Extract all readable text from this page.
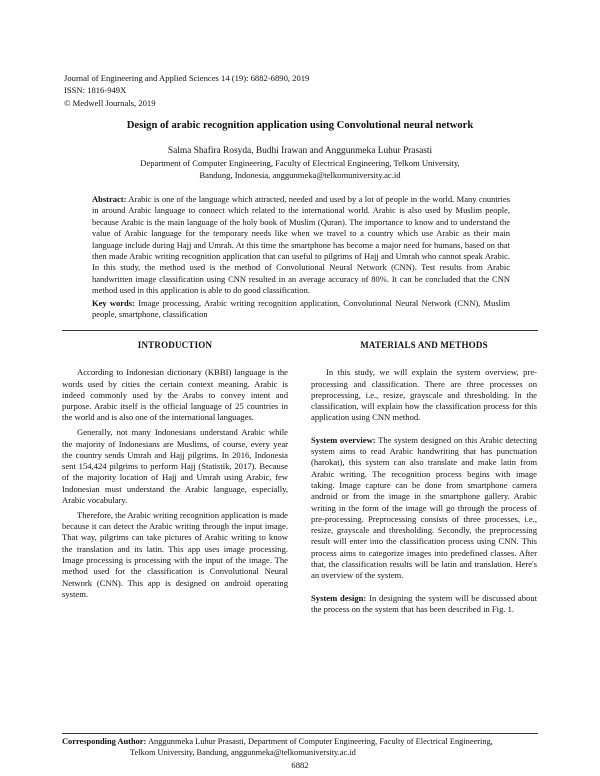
Journal of Engineering and Applied Sciences 14 (19): 6882-6890, 2019
ISSN: 1816-949X
© Medwell Journals, 2019
Design of arabic recognition application using Convolutional neural network
Salma Shafira Rosyda, Budhi Irawan and Anggunmeka Luhur Prasasti
Department of Computer Engineering, Faculty of Electrical Engineering, Telkom University,
Bandung, Indonesia, anggunmeka@telkomuniversity.ac.id
Abstract: Arabic is one of the language which attracted, needed and used by a lot of people in the world. Many countries in around Arabic language to connect which related to the international world. Arabic is also used by Muslim people, because Arabic is the main language of the holy book of Muslim (Quran). The importance to know and to understand the value of Arabic language for the temporary needs like when we travel to a country which use Arabic as their main language include during Hajj and Umrah. At this time the smartphone has become a major need for humans, based on that then made Arabic writing recognition application that can useful to pilgrims of Hajj and Umrah who cannot speak Arabic. In this study, the method used is the method of Convolutional Neural Network (CNN). Test results from Arabic handwritten image classification using CNN resulted in an average accuracy of 80%. It can be concluded that the CNN method used in this application is able to do good classification.
Key words: Image processing, Arabic writing recognition application, Convolutional Neural Network (CNN), Muslim people, smartphone, classification
INTRODUCTION

According to Indonesian dictionary (KBBI) language is the words used by cities the certain context meaning. Arabic is indeed commonly used by the Arabs to convey intent and purpose. Arabic itself is the official language of 25 countries in the world and is also one of the international languages.

Generally, not many Indonesians understand Arabic while the majority of Indonesians are Muslims, of course, every year the country sends Umrah and Hajj pilgrims. In 2016, Indonesia sent 154,424 pilgrims to perform Hajj (Statistik, 2017). Because of the majority location of Hajj and Umrah using Arabic, few Indonesian must understand the Arabic language, especially, Arabic vocabulary.

Therefore, the Arabic writing recognition application is made because it can detect the Arabic writing through the input image. That way, pilgrims can take pictures of Arabic writing to know the translation and its latin. This app uses image processing. Image processing is processing with the input of the image. The method used for the classification is Convolutional Neural Network (CNN). This app is designed on android operating system.

MATERIALS AND METHODS

In this study, we will explain the system overview, pre-processing and classification. There are three processes on preprocessing, i.e., resize, grayscale and thresholding. In the classification, will explain how the classification process for this application using CNN method.

System overview: The system designed on this Arabic detecting system aims to read Arabic handwriting that has punctuation (harokat), this system can also translate and make latin from Arabic writing. The recognition process begins with image taking. Image capture can be done from smartphone camera android or from the image in the smartphone gallery. Arabic writing in the form of the image will go through the process of pre-processing. Preprocessing consists of three processes, i.e., resize, grayscale and thresholding. Secondly, the preprocessing result will enter into the classification process using CNN. This process aims to categorize images into predefined classes. After that, the classification results will be latin and translation. Here's an overview of the system.

System design: In designing the system will be discussed about the process on the system that has been described in Fig. 1.

Corresponding Author: Anggunmeka Luhur Prasasti, Department of Computer Engineering, Faculty of Electrical Engineering,
Telkom University, Bandung, anggunmeka@telkomuniversity.ac.id
6882
